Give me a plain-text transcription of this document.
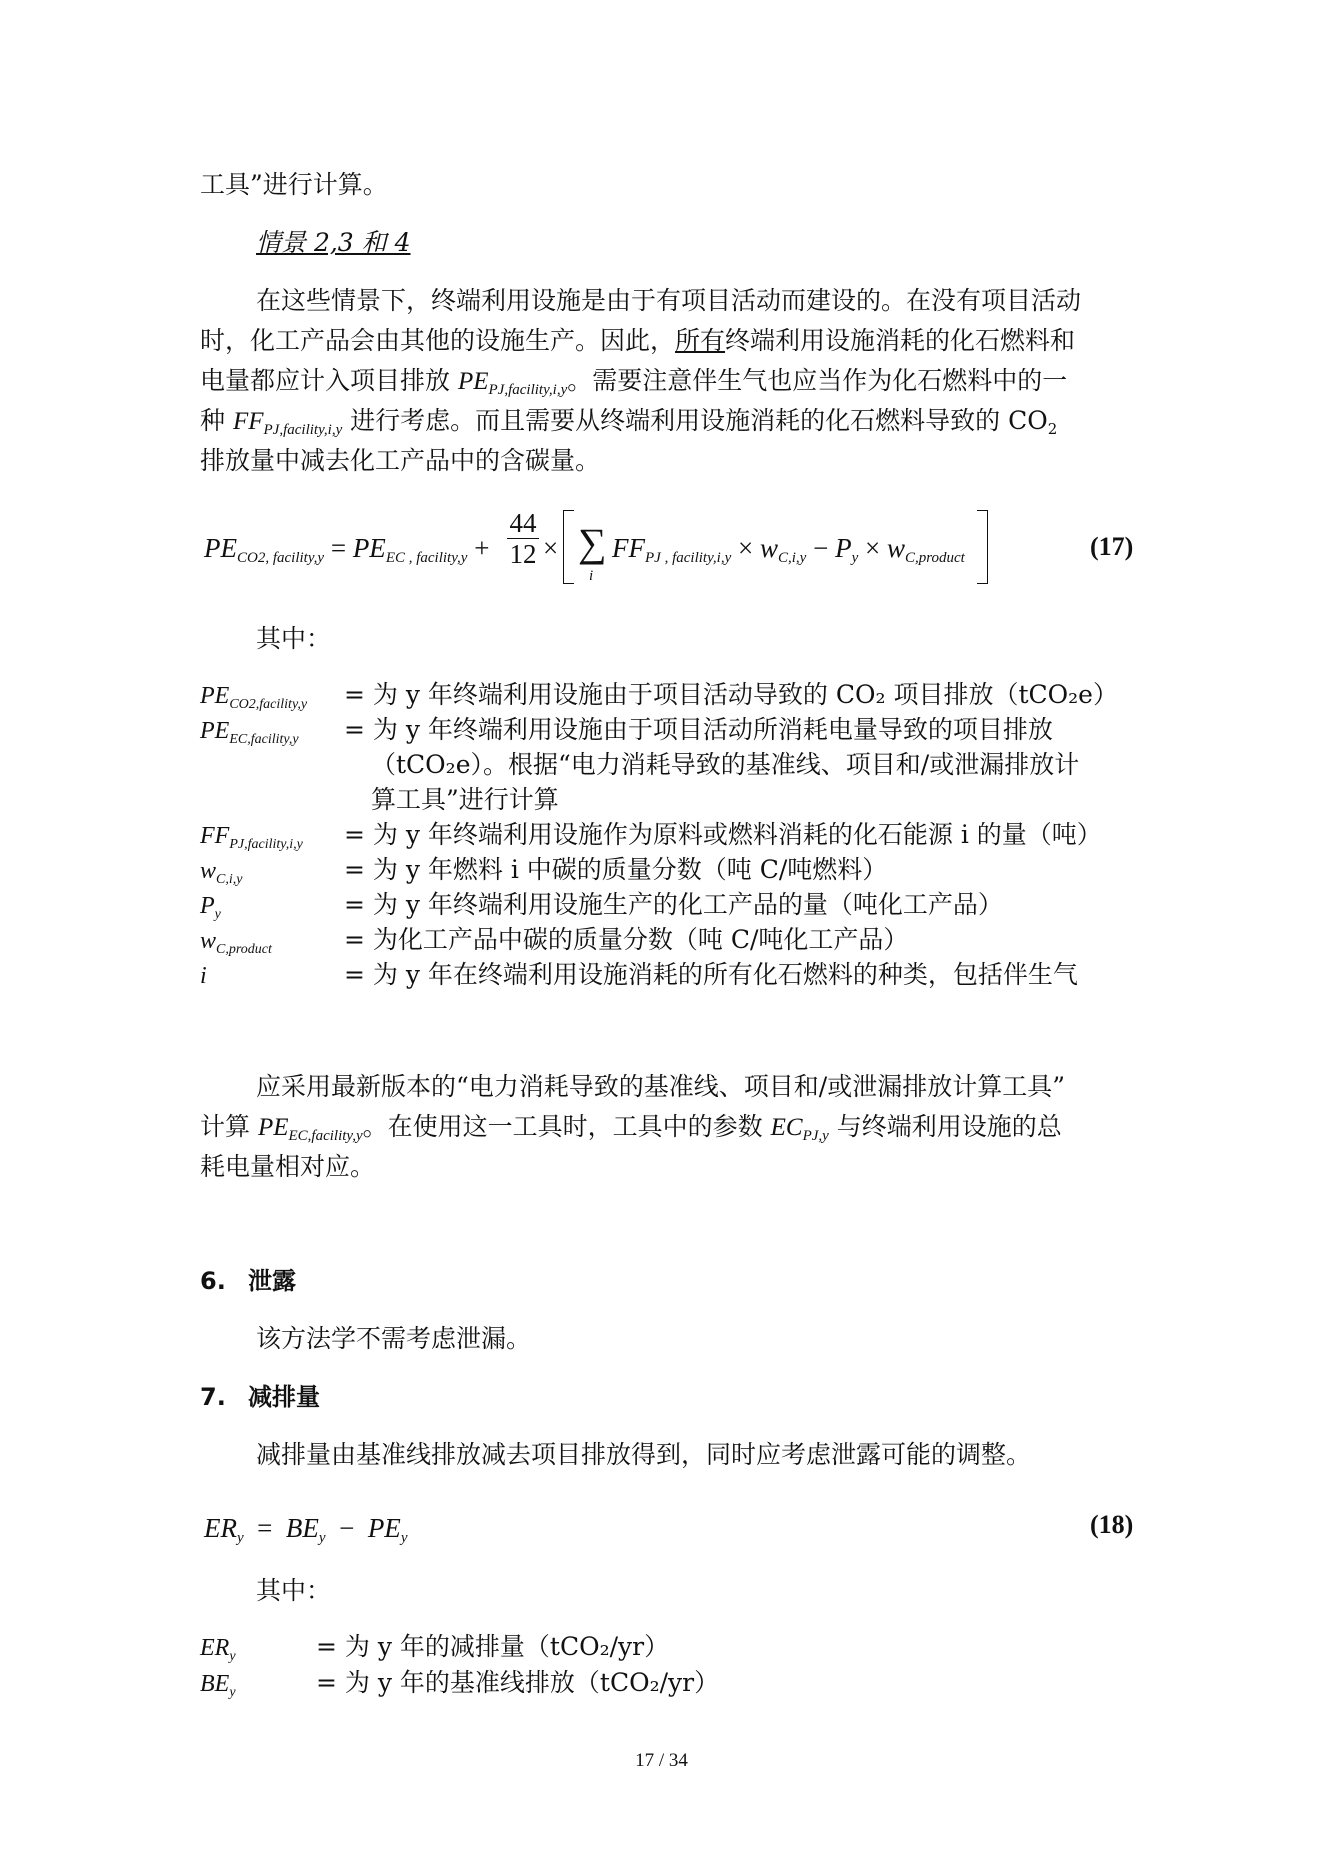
工具”进行计算。
情景 2,3 和 4
在这些情景下，终端利用设施是由于有项目活动而建设的。在没有项目活动
时，化工产品会由其他的设施生产。因此，所有终端利用设施消耗的化石燃料和
电量都应计入项目排放 $PE_{PJ,facility,i,y}$。需要注意伴生气也应当作为化石燃料中的一
种 $FF_{PJ,facility,i,y}$ 进行考虑。而且需要从终端利用设施消耗的化石燃料导致的 $CO_2$
排放量中减去化工产品中的含碳量。
$PE_{CO2, facility,y} = PE_{EC , facility,y}$ +
44
12 × ∑
i
$FF_{PJ , facility,i,y} \times w_{C,i,y} - P_y \times w_{C,product}$	(17)
其中：
$PE_{CO2,facility,y}$ = 为 y 年终端利用设施由于项目活动导致的 CO₂ 项目排放（tCO₂e）
$PE_{EC,facility,y}$ = 为 y 年终端利用设施由于项目活动所消耗电量导致的项目排放
（tCO₂e）。根据“电力消耗导致的基准线、项目和/或泄漏排放计
算工具”进行计算
$FF_{PJ,facility,i,y}$ = 为 y 年终端利用设施作为原料或燃料消耗的化石能源 i 的量（吨）
$w_{C,i,y}$	= 为 y 年燃料 i 中碳的质量分数（吨 C/吨燃料）
$P_y$	= 为 y 年终端利用设施生产的化工产品的量（吨化工产品）
$w_{C,product}$	= 为化工产品中碳的质量分数（吨 C/吨化工产品）
i	= 为 y 年在终端利用设施消耗的所有化石燃料的种类，包括伴生气
应采用最新版本的“电力消耗导致的基准线、项目和/或泄漏排放计算工具”
计算 $PE_{EC,facility,y}$。在使用这一工具时，工具中的参数 $EC_{PJ,y}$ 与终端利用设施的总
耗电量相对应。
6. 泄露
该方法学不需考虑泄漏。
7. 减排量
减排量由基准线排放减去项目排放得到，同时应考虑泄露可能的调整。
$ER_y = BE_y - PE_y$	(18)
其中：
$ER_y$	= 为 y 年的减排量（tCO₂/yr）
$BE_y$	= 为 y 年的基准线排放（tCO₂/yr）
17 / 34
